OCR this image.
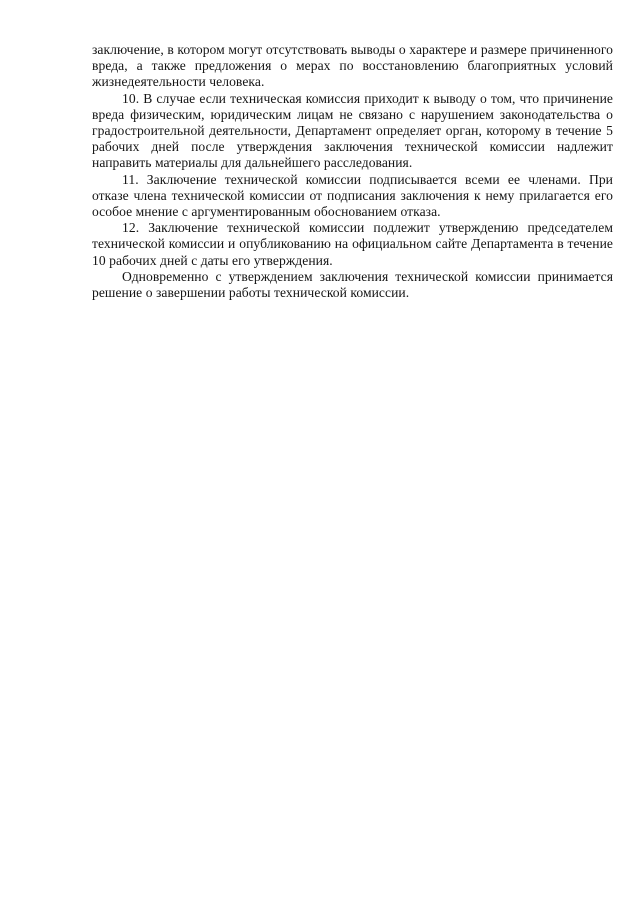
заключение, в котором могут отсутствовать выводы о характере и размере причиненного вреда, а также предложения о мерах по восстановлению благоприятных условий жизнедеятельности человека.

10. В случае если техническая комиссия приходит к выводу о том, что причинение вреда физическим, юридическим лицам не связано с нарушением законодательства о градостроительной деятельности, Департамент определяет орган, которому в течение 5 рабочих дней после утверждения заключения технической комиссии надлежит направить материалы для дальнейшего расследования.

11. Заключение технической комиссии подписывается всеми ее членами. При отказе члена технической комиссии от подписания заключения к нему прилагается его особое мнение с аргументированным обоснованием отказа.

12. Заключение технической комиссии подлежит утверждению председателем технической комиссии и опубликованию на официальном сайте Департамента в течение 10 рабочих дней с даты его утверждения.

Одновременно с утверждением заключения технической комиссии принимается решение о завершении работы технической комиссии.
